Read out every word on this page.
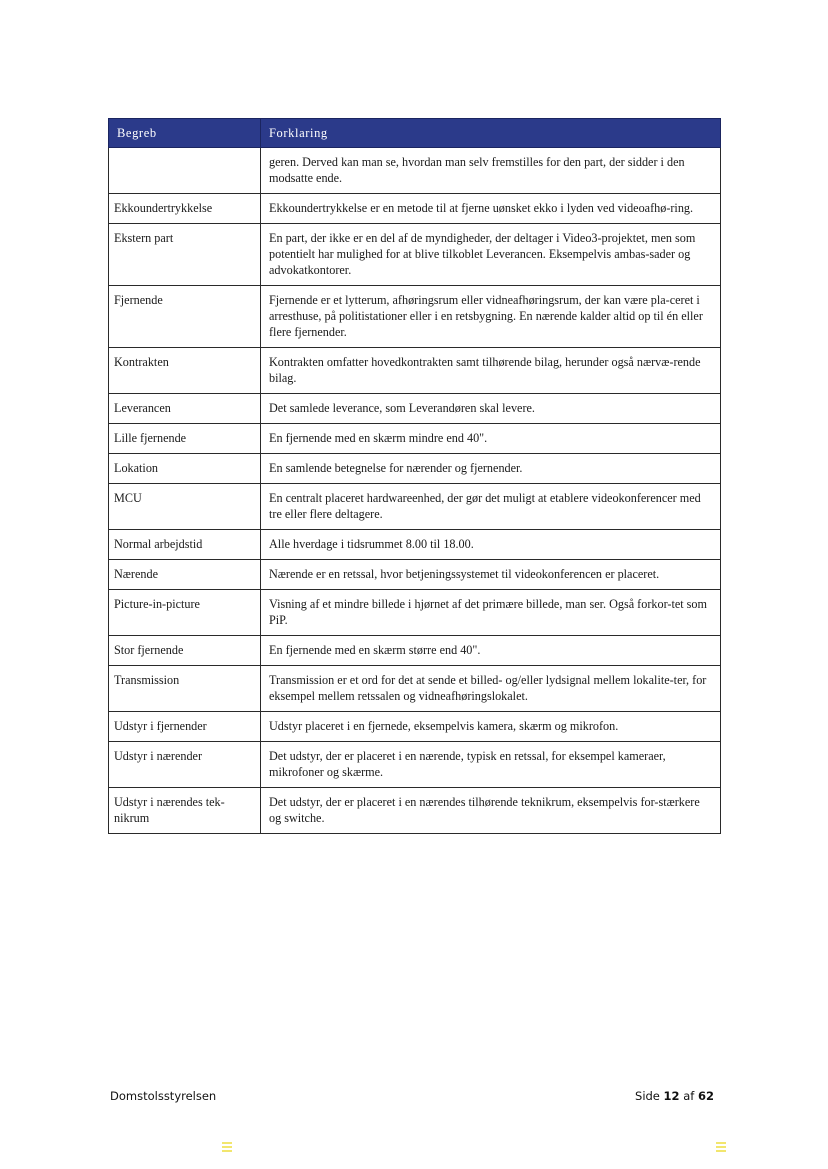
Begreb	Forklaring
	geren. Derved kan man se, hvordan man selv fremstilles for den part, der sidder i den modsatte ende.
Ekkoundertrykkelse	Ekkoundertrykkelse er en metode til at fjerne uønsket ekko i lyden ved videoafhø-ring.
Ekstern part	En part, der ikke er en del af de myndigheder, der deltager i Video3-projektet, men som potentielt har mulighed for at blive tilkoblet Leverancen. Eksempelvis ambas-sader og advokatkontorer.
Fjernende	Fjernende er et lytterum, afhøringsrum eller vidneafhøringsrum, der kan være pla-ceret i arresthuse, på politistationer eller i en retsbygning. En nærende kalder altid op til én eller flere fjernender.
Kontrakten	Kontrakten omfatter hovedkontrakten samt tilhørende bilag, herunder også nærvæ-rende bilag.
Leverancen	Det samlede leverance, som Leverandøren skal levere.
Lille fjernende	En fjernende med en skærm mindre end 40".
Lokation	En samlende betegnelse for nærender og fjernender.
MCU	En centralt placeret hardwareenhed, der gør det muligt at etablere videokonferencer med tre eller flere deltagere.
Normal arbejdstid	Alle hverdage i tidsrummet 8.00 til 18.00.
Nærende	Nærende er en retssal, hvor betjeningssystemet til videokonferencen er placeret.
Picture-in-picture	Visning af et mindre billede i hjørnet af det primære billede, man ser. Også forkor-tet som PiP.
Stor fjernende	En fjernende med en skærm større end 40".
Transmission	Transmission er et ord for det at sende et billed- og/eller lydsignal mellem lokalite-ter, for eksempel mellem retssalen og vidneafhøringslokalet.
Udstyr i fjernender	Udstyr placeret i en fjernede, eksempelvis kamera, skærm og mikrofon.
Udstyr i nærender	Det udstyr, der er placeret i en nærende, typisk en retssal, for eksempel kameraer, mikrofoner og skærme.
Udstyr i nærendes tek-nikrum	Det udstyr, der er placeret i en nærendes tilhørende teknikrum, eksempelvis for-stærkere og switche.
Domstolsstyrelsen	Side 12 af 62
